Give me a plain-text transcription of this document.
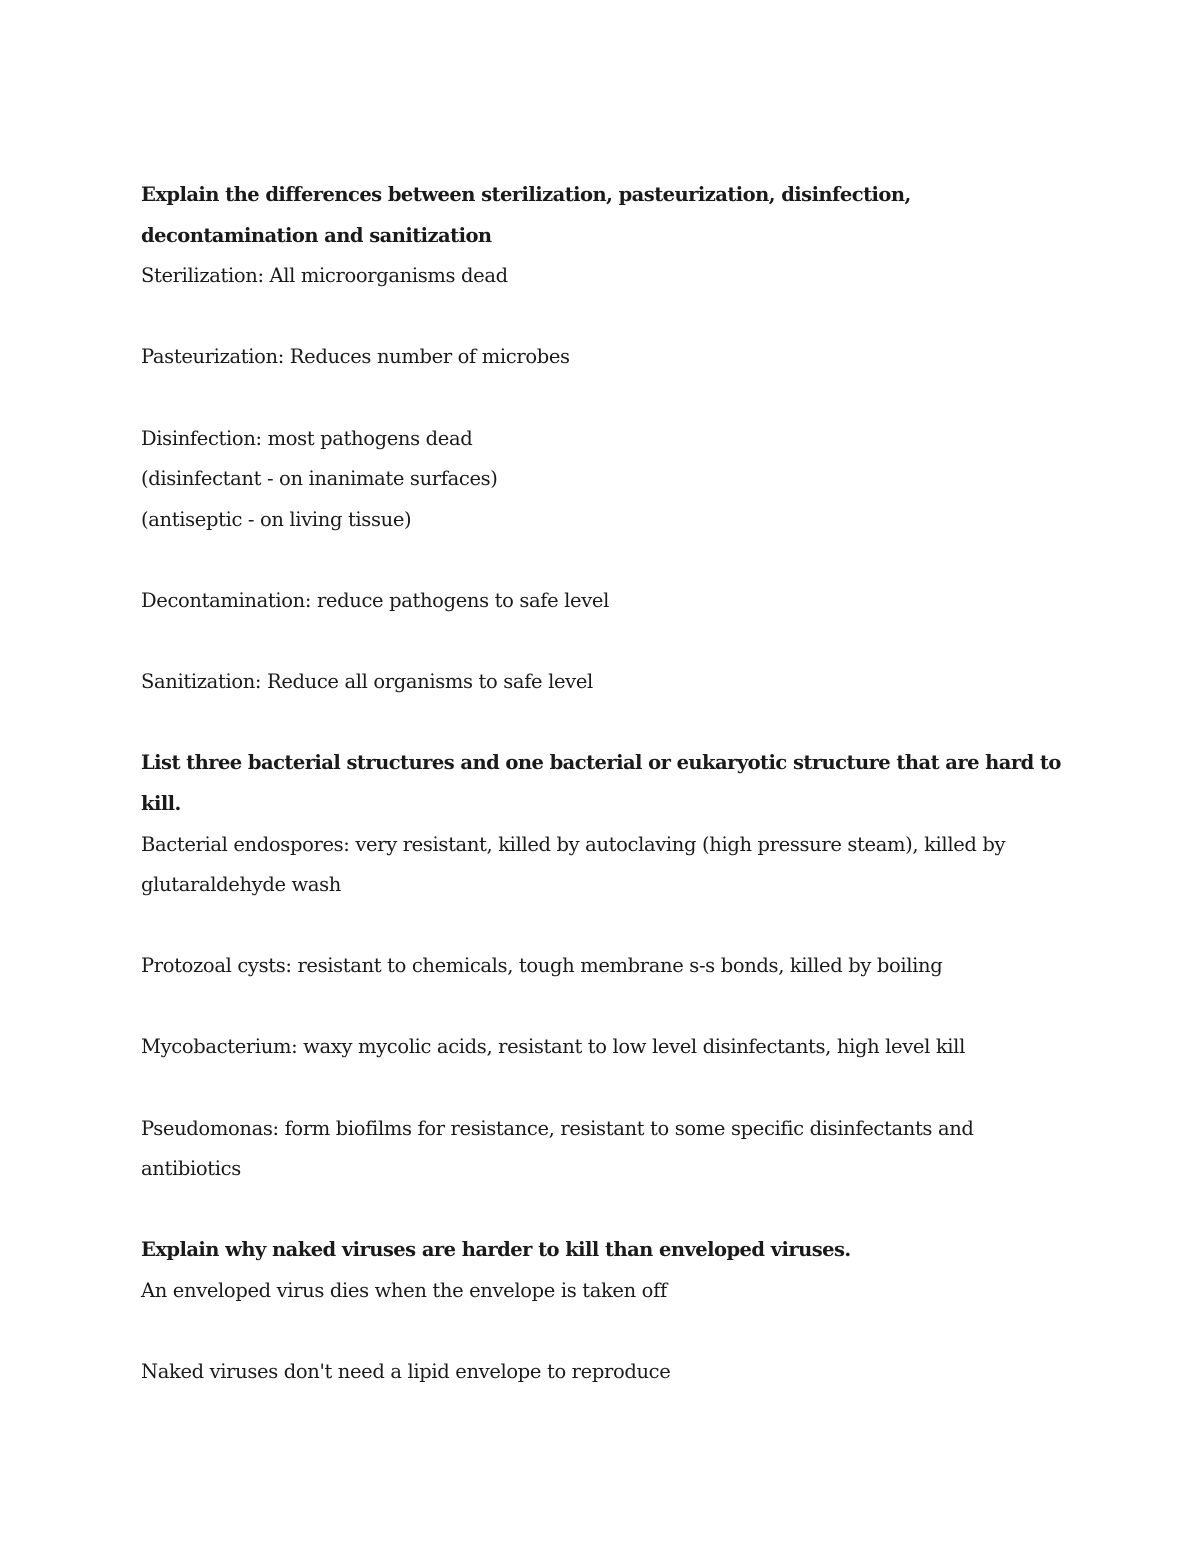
Explain the differences between sterilization, pasteurization, disinfection, decontamination and sanitization

Sterilization: All microorganisms dead

Pasteurization: Reduces number of microbes

Disinfection: most pathogens dead

(disinfectant - on inanimate surfaces)

(antiseptic - on living tissue)

Decontamination: reduce pathogens to safe level

Sanitization: Reduce all organisms to safe level

List three bacterial structures and one bacterial or eukaryotic structure that are hard to kill.

Bacterial endospores: very resistant, killed by autoclaving (high pressure steam), killed by glutaraldehyde wash

Protozoal cysts: resistant to chemicals, tough membrane s-s bonds, killed by boiling

Mycobacterium: waxy mycolic acids, resistant to low level disinfectants, high level kill

Pseudomonas: form biofilms for resistance, resistant to some specific disinfectants and antibiotics

Explain why naked viruses are harder to kill than enveloped viruses.

An enveloped virus dies when the envelope is taken off

Naked viruses don't need a lipid envelope to reproduce
